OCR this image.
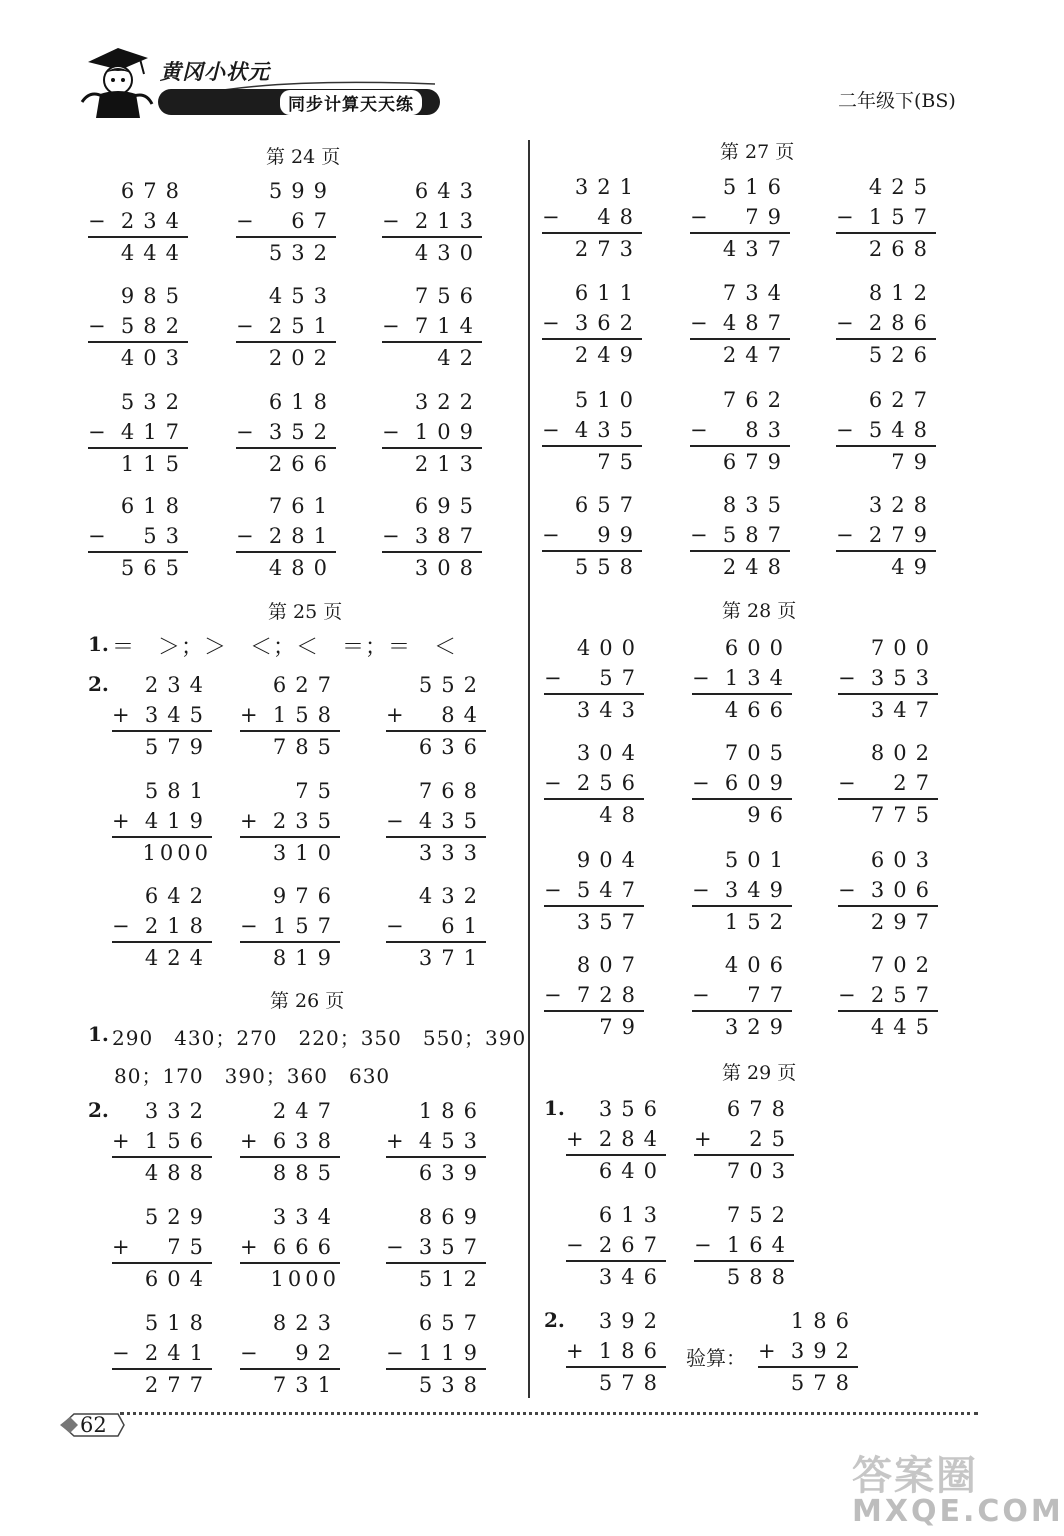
黄冈小状元
同步计算天天练	二年级下(BS)
第 24 页
第 25 页
第 26 页
第 27 页
第 28 页
第 29 页
1. ＝　＞；＞　＜；＜　＝；＝　＜
2.
1. 290　430；270　220；350　550；390
80；170　390；360　630
2.	1.
2.
验算：
678
− 234
444
599
− 67
532
643
− 213
430
985
− 582
403
453
− 251
202
756
− 714
42
532
− 417
115
618
− 352
266
322
− 109
213
618
− 53
565
761
− 281
480
695
− 387
308
234
+ 345
579
627
+ 158
785
552
+ 84
636
581
+ 419
1000
75
+ 235
310
768
− 435
333
642
− 218
424
976
− 157
819
432
− 61
371
332
+ 156
488
247
+ 638
885
186
+ 453
639
529
+ 75
604
334
+ 666
1000
869
− 357
512
518
− 241
277
823
− 92
731
657
− 119
538
321
− 48
273
516
− 79
437
425
− 157
268
611
− 362
249
734
− 487
247
812
− 286
526
510
− 435
75
762
− 83
679
627
− 548
79
657
− 99
558
835
− 587
248
328
− 279
49
400
− 57
343
600
− 134
466
700
− 353
347
304
− 256
48
705
− 609
96
802
− 27
775
904
− 547
357
501
− 349
152
603
− 306
297
807
− 728
79
406
− 77
329
702
− 257
445
356
+ 284
640
678
+ 25
703
613
− 267
346
752
− 164
588
392
+ 186
578
186
+ 392
578
62
答案圈
MXQE.COM
